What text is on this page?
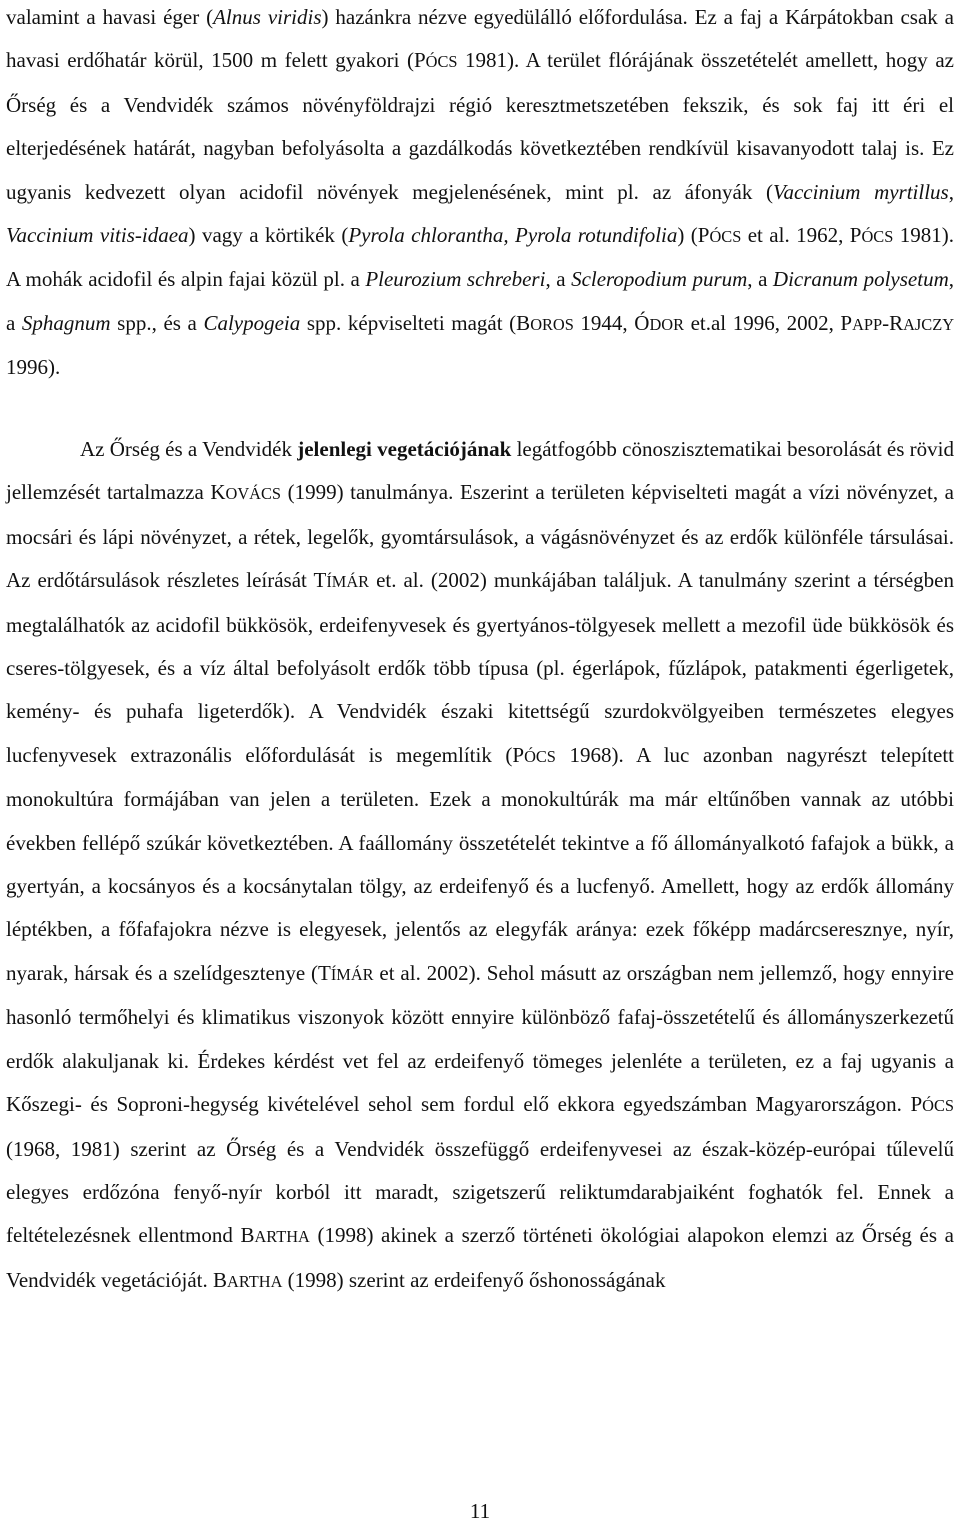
valamint a havasi éger (Alnus viridis) hazánkra nézve egyedülálló előfordulása. Ez a faj a Kárpátokban csak a havasi erdőhatár körül, 1500 m felett gyakori (PÓCS 1981). A terület flórájának összetételét amellett, hogy az Őrség és a Vendvidék számos növényföldrajzi régió keresztmetszetében fekszik, és sok faj itt éri el elterjedésének határát, nagyban befolyásolta a gazdálkodás következtében rendkívül kisavanyodott talaj is. Ez ugyanis kedvezett olyan acidofil növények megjelenésének, mint pl. az áfonyák (Vaccinium myrtillus, Vaccinium vitis-idaea) vagy a körtikék (Pyrola chlorantha, Pyrola rotundifolia) (PÓCS et al. 1962, PÓCS 1981). A mohák acidofil és alpin fajai közül pl. a Pleurozium schreberi, a Scleropodium purum, a Dicranum polysetum, a Sphagnum spp., és a Calypogeia spp. képviselteti magát (BOROS 1944, ÓDOR et.al 1996, 2002, PAPP-RAJCZY 1996).

Az Őrség és a Vendvidék jelenlegi vegetációjának legátfogóbb cönoszisztematikai besorolását és rövid jellemzését tartalmazza KOVÁCS (1999) tanulmánya. Eszerint a területen képviselteti magát a vízi növényzet, a mocsári és lápi növényzet, a rétek, legelők, gyomtársulások, a vágásnövényzet és az erdők különféle társulásai. Az erdőtársulások részletes leírását TÍMÁR et. al. (2002) munkájában találjuk. A tanulmány szerint a térségben megtalálhatók az acidofil bükkösök, erdeifenyvesek és gyertyános-tölgyesek mellett a mezofil üde bükkösök és cseres-tölgyesek, és a víz által befolyásolt erdők több típusa (pl. égerlápok, fűzlápok, patakmenti égerligetek, kemény- és puhafa ligeterdők). A Vendvidék északi kitettségű szurdokvölgyeiben természetes elegyes lucfenyvesek extrazonális előfordulását is megemlítik (PÓCS 1968). A luc azonban nagyrészt telepített monokultúra formájában van jelen a területen. Ezek a monokultúrák ma már eltűnőben vannak az utóbbi években fellépő szúkár következtében. A faállomány összetételét tekintve a fő állományalkotó fafajok a bükk, a gyertyán, a kocsányos és a kocsánytalan tölgy, az erdeifenyő és a lucfenyő. Amellett, hogy az erdők állomány léptékben, a főfafajokra nézve is elegyesek, jelentős az elegyfák aránya: ezek főképp madárcseresznye, nyír, nyarak, hársak és a szelídgesztenye (TÍMÁR et al. 2002). Sehol másutt az országban nem jellemző, hogy ennyire hasonló termőhelyi és klimatikus viszonyok között ennyire különböző fafaj-összetételű és állományszerkezetű erdők alakuljanak ki. Érdekes kérdést vet fel az erdeifenyő tömeges jelenléte a területen, ez a faj ugyanis a Kőszegi- és Soproni-hegység kivételével sehol sem fordul elő ekkora egyedszámban Magyarországon. PÓCS (1968, 1981) szerint az Őrség és a Vendvidék összefüggő erdeifenyvesei az észak-közép-európai tűlevelű elegyes erdőzóna fenyő-nyír korból itt maradt, szigetszerű reliktumdarabjaiként foghatók fel. Ennek a feltételezésnek ellentmond BARTHA (1998) akinek a szerző történeti ökológiai alapokon elemzi az Őrség és a Vendvidék vegetációját. BARTHA (1998) szerint az erdeifenyő őshonosságának

11
